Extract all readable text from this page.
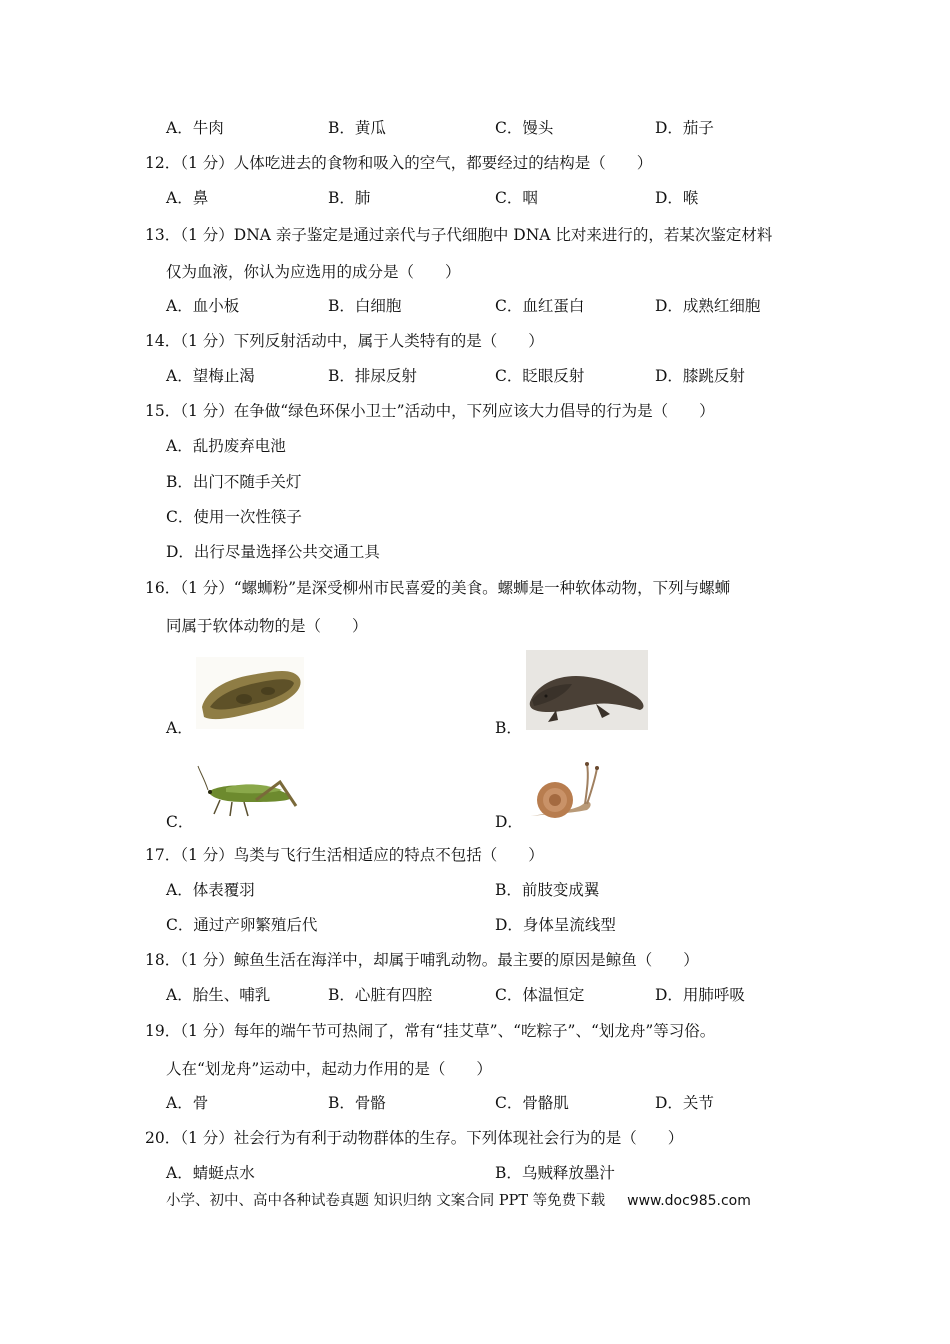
A．牛肉	B．黄瓜	C．馒头	D．茄子
12．（1 分）人体吃进去的食物和吸入的空气，都要经过的结构是（　　）
A．鼻	B．肺	C．咽	D．喉
13．（1 分）DNA 亲子鉴定是通过亲代与子代细胞中 DNA 比对来进行的，若某次鉴定材料
仅为血液，你认为应选用的成分是（　　）
A．血小板	B．白细胞	C．血红蛋白	D．成熟红细胞
14．（1 分）下列反射活动中，属于人类特有的是（　　）
A．望梅止渴	B．排尿反射	C．眨眼反射	D．膝跳反射
15．（1 分）在争做“绿色环保小卫士”活动中，下列应该大力倡导的行为是（　　）
A．乱扔废弃电池
B．出门不随手关灯
C．使用一次性筷子
D．出行尽量选择公共交通工具
16．（1 分）“螺蛳粉”是深受柳州市民喜爱的美食。螺蛳是一种软体动物，下列与螺蛳
同属于软体动物的是（　　）
A．	B．
C．	D．
17．（1 分）鸟类与飞行生活相适应的特点不包括（　　）
A．体表覆羽	B．前肢变成翼
C．通过产卵繁殖后代	D．身体呈流线型
18．（1 分）鲸鱼生活在海洋中，却属于哺乳动物。最主要的原因是鲸鱼（　　）
A．胎生、哺乳	B．心脏有四腔	C．体温恒定	D．用肺呼吸
19．（1 分）每年的端午节可热闹了，常有“挂艾草”、“吃粽子”、“划龙舟”等习俗。
人在“划龙舟”运动中，起动力作用的是（　　）
A．骨	B．骨骼	C．骨骼肌	D．关节
20．（1 分）社会行为有利于动物群体的生存。下列体现社会行为的是（　　）
A．蜻蜓点水	B．乌贼释放墨汁
小学、初中、高中各种试卷真题 知识归纳 文案合同 PPT 等免费下载 www.doc985.com
